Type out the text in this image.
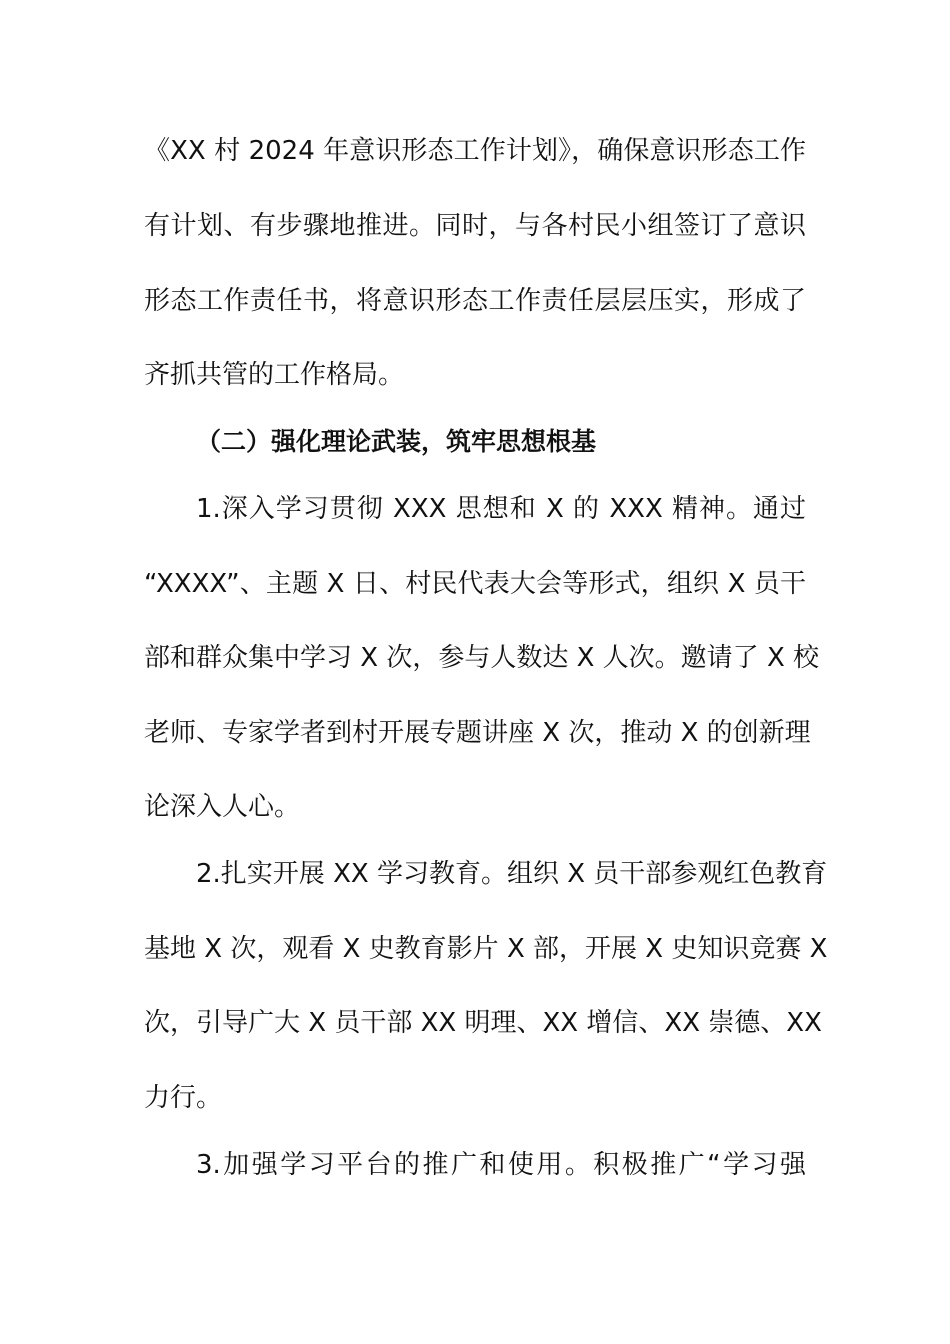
《XX 村 2024 年意识形态工作计划》，确保意识形态工作
有计划、有步骤地推进。同时，与各村民小组签订了意识
形态工作责任书，将意识形态工作责任层层压实，形成了
齐抓共管的工作格局。
（二）强化理论武装，筑牢思想根基
1.深入学习贯彻 XXX 思想和 X 的 XXX 精神。通过
“XXXX”、主题 X 日、村民代表大会等形式，组织 X 员干
部和群众集中学习 X 次，参与人数达 X 人次。邀请了 X 校
老师、专家学者到村开展专题讲座 X 次，推动 X 的创新理
论深入人心。
2.扎实开展 XX 学习教育。组织 X 员干部参观红色教育
基地 X 次，观看 X 史教育影片 X 部，开展 X 史知识竞赛 X
次，引导广大 X 员干部 XX 明理、XX 增信、XX 崇德、XX
力行。
3.加强学习平台的推广和使用。积极推广“学习强
